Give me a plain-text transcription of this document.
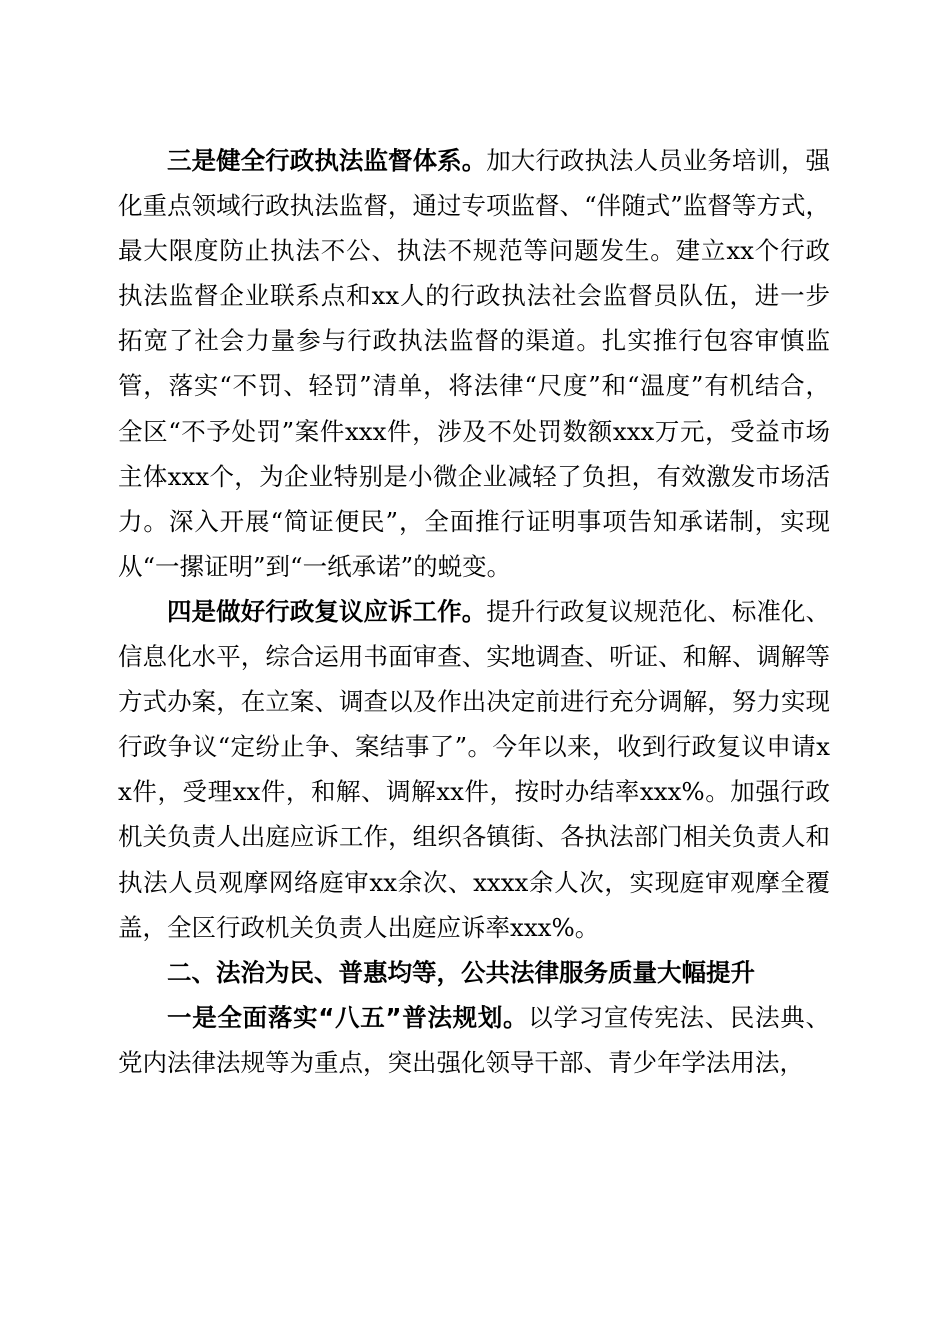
三是健全行政执法监督体系。加大行政执法人员业务培训，强化重点领域行政执法监督，通过专项监督、“伴随式”监督等方式，最大限度防止执法不公、执法不规范等问题发生。建立xx个行政执法监督企业联系点和xx人的行政执法社会监督员队伍，进一步拓宽了社会力量参与行政执法监督的渠道。扎实推行包容审慎监管，落实“不罚、轻罚”清单，将法律“尺度”和“温度”有机结合，全区“不予处罚”案件xxx件，涉及不处罚数额xxx万元，受益市场主体xxx个，为企业特别是小微企业减轻了负担，有效激发市场活力。深入开展“简证便民”，全面推行证明事项告知承诺制，实现从“一摞证明”到“一纸承诺”的蜕变。

四是做好行政复议应诉工作。提升行政复议规范化、标准化、信息化水平，综合运用书面审查、实地调查、听证、和解、调解等方式办案，在立案、调查以及作出决定前进行充分调解，努力实现行政争议“定纷止争、案结事了”。今年以来，收到行政复议申请xx件，受理xx件，和解、调解xx件，按时办结率xxx%。加强行政机关负责人出庭应诉工作，组织各镇街、各执法部门相关负责人和执法人员观摩网络庭审xx余次、xxxx余人次，实现庭审观摩全覆盖，全区行政机关负责人出庭应诉率xxx%。

二、法治为民、普惠均等，公共法律服务质量大幅提升

一是全面落实“八五”普法规划。以学习宣传宪法、民法典、党内法律法规等为重点，突出强化领导干部、青少年学法用法，
